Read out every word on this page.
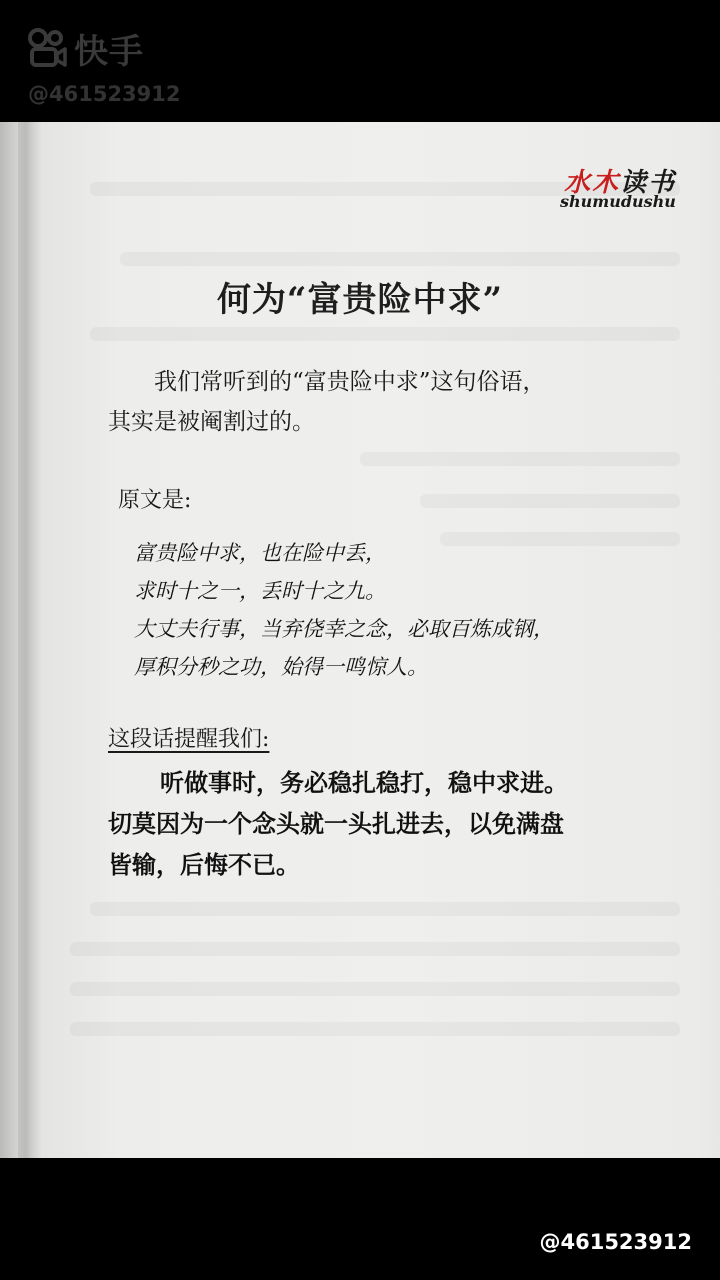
快手
@461523912
水木读书
shumudushu
何为“富贵险中求”
我们常听到的“富贵险中求”这句俗语，
其实是被阉割过的。
原文是:
富贵险中求，也在险中丢，
求时十之一，丢时十之九。
大丈夫行事，当弃侥幸之念，必取百炼成钢，
厚积分秒之功，始得一鸣惊人。
这段话提醒我们:
听做事时，务必稳扎稳打，稳中求进。
切莫因为一个念头就一头扎进去，以免满盘
皆输，后悔不已。
@461523912
